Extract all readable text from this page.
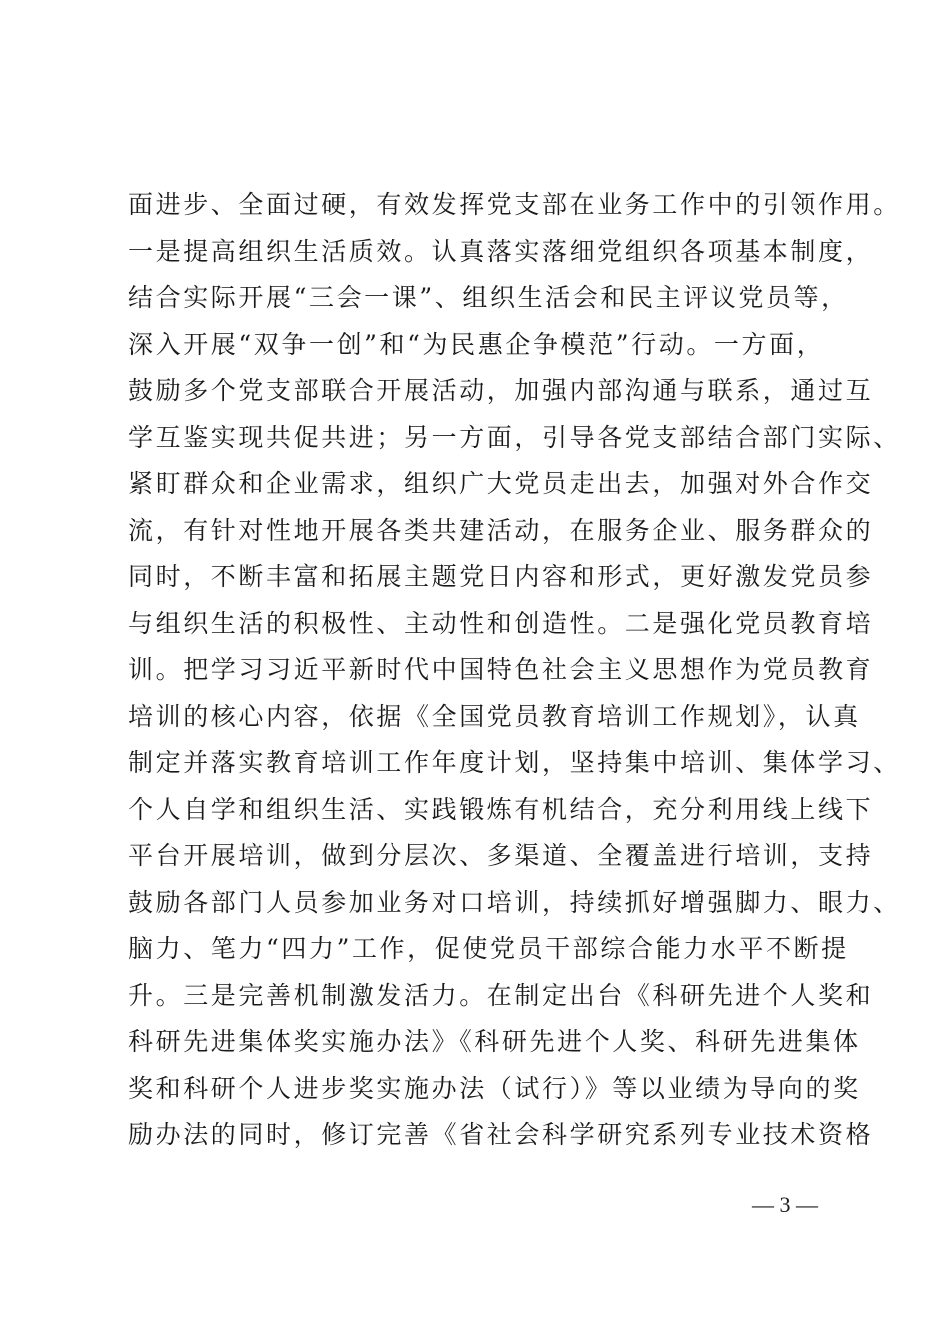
面进步、全面过硬，有效发挥党支部在业务工作中的引领作用。

一是提高组织生活质效。认真落实落细党组织各项基本制度，

结合实际开展“三会一课”、组织生活会和民主评议党员等，

深入开展“双争一创”和“为民惠企争模范”行动。一方面，

鼓励多个党支部联合开展活动，加强内部沟通与联系，通过互

学互鉴实现共促共进；另一方面，引导各党支部结合部门实际、

紧盯群众和企业需求，组织广大党员走出去，加强对外合作交

流，有针对性地开展各类共建活动，在服务企业、服务群众的

同时，不断丰富和拓展主题党日内容和形式，更好激发党员参

与组织生活的积极性、主动性和创造性。二是强化党员教育培

训。把学习习近平新时代中国特色社会主义思想作为党员教育

培训的核心内容，依据《全国党员教育培训工作规划》，认真

制定并落实教育培训工作年度计划，坚持集中培训、集体学习、

个人自学和组织生活、实践锻炼有机结合，充分利用线上线下

平台开展培训，做到分层次、多渠道、全覆盖进行培训，支持

鼓励各部门人员参加业务对口培训，持续抓好增强脚力、眼力、

脑力、笔力“四力”工作，促使党员干部综合能力水平不断提

升。三是完善机制激发活力。在制定出台《科研先进个人奖和

科研先进集体奖实施办法》《科研先进个人奖、科研先进集体

奖和科研个人进步奖实施办法（试行）》等以业绩为导向的奖

励办法的同时，修订完善《省社会科学研究系列专业技术资格

— 3 —
